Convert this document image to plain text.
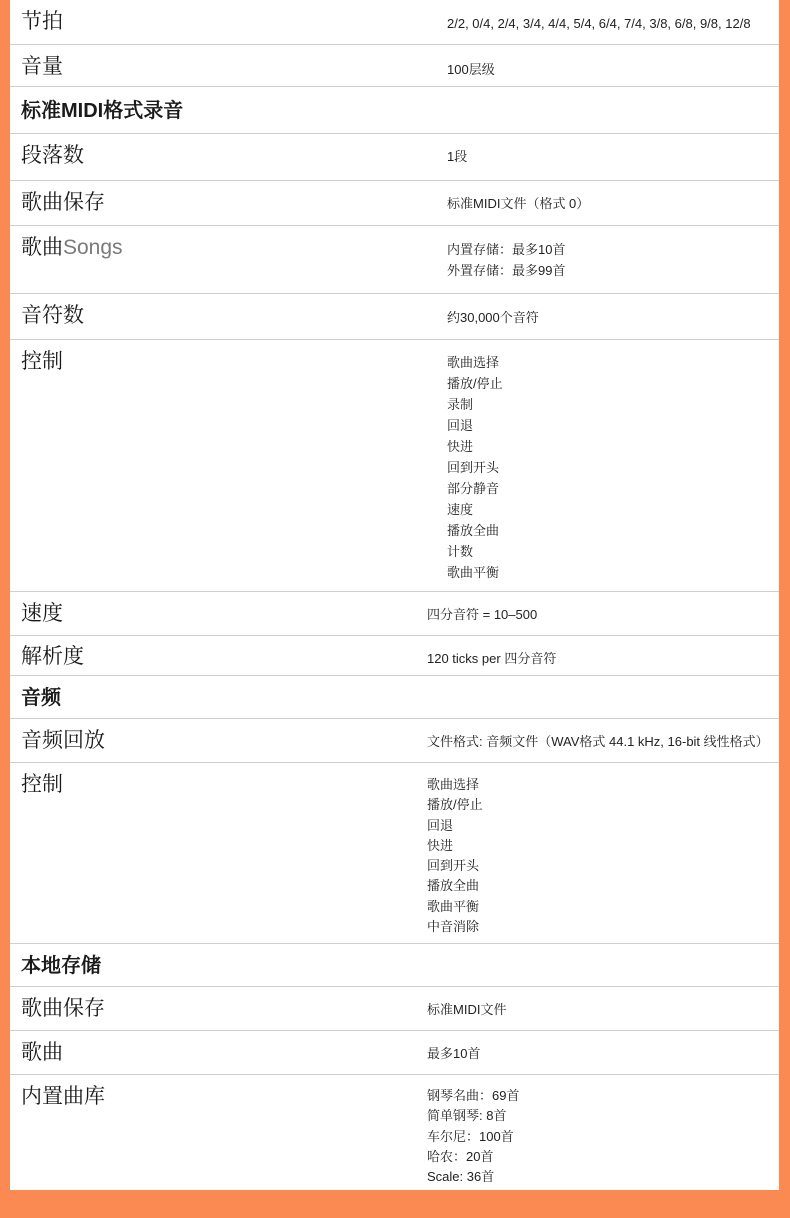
节拍	2/2, 0/4, 2/4, 3/4, 4/4, 5/4, 6/4, 7/4, 3/8, 6/8, 9/8, 12/8
音量	100层级
标准MIDI格式录音
段落数	1段
歌曲保存	标准MIDI文件（格式 0）
歌曲Songs	内置存储：最多10首
外置存储：最多99首
音符数	约30,000个音符
控制	歌曲选择
播放/停止
录制
回退
快进
回到开头
部分静音
速度
播放全曲
计数
歌曲平衡
速度	四分音符 = 10–500
解析度	120 ticks per 四分音符
音频
音频回放	文件格式: 音频文件（WAV格式 44.1 kHz, 16-bit 线性格式）
控制	歌曲选择
播放/停止
回退
快进
回到开头
播放全曲
歌曲平衡
中音消除
本地存储
歌曲保存	标准MIDI文件
歌曲	最多10首
内置曲库	钢琴名曲：69首
简单钢琴: 8首
车尔尼：100首
哈农：20首
Scale: 36首
